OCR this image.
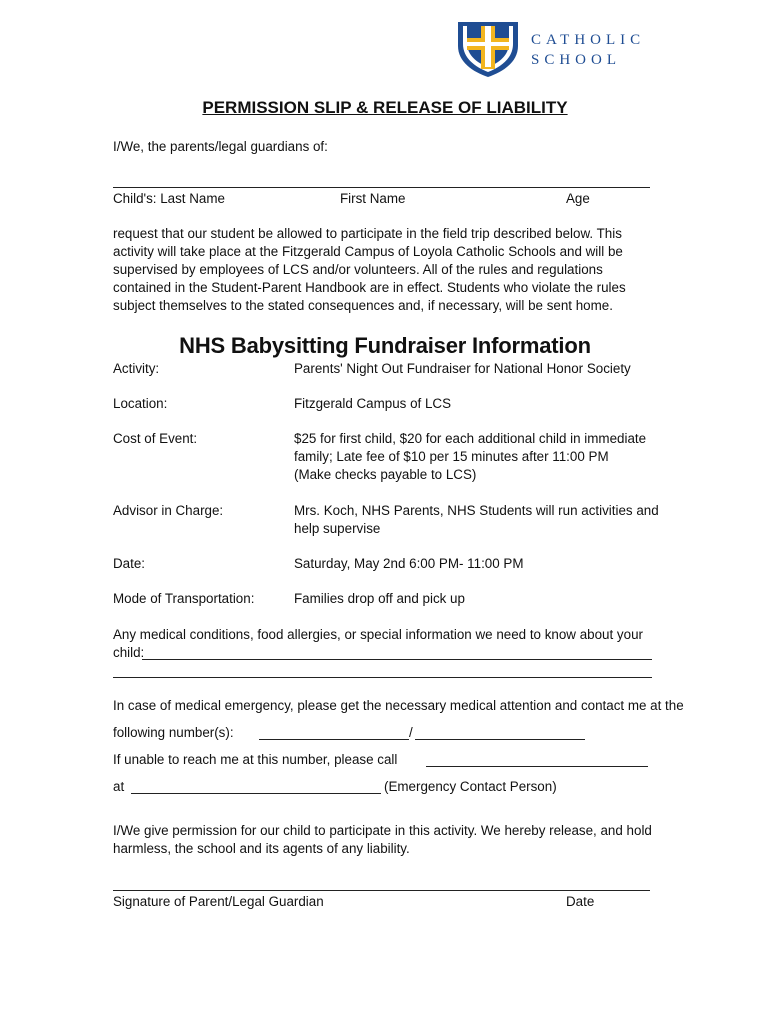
CATHOLIC
SCHOOL
PERMISSION SLIP & RELEASE OF LIABILITY
I/We, the parents/legal guardians of:
Child's: Last Name	First Name	Age
request that our student be allowed to participate in the field trip described below. This activity will take place at the Fitzgerald Campus of Loyola Catholic Schools and will be supervised by employees of LCS and/or volunteers. All of the rules and regulations contained in the Student-Parent Handbook are in effect. Students who violate the rules subject themselves to the stated consequences and, if necessary, will be sent home.
NHS Babysitting Fundraiser Information
Activity:	Parents' Night Out Fundraiser for National Honor Society
Location:	Fitzgerald Campus of LCS
Cost of Event:	$25 for first child, $20 for each additional child in immediate
family; Late fee of $10 per 15 minutes after 11:00 PM
(Make checks payable to LCS)
Advisor in Charge:	Mrs. Koch, NHS Parents, NHS Students will run activities and
help supervise
Date:	Saturday, May 2nd 6:00 PM- 11:00 PM
Mode of Transportation:	Families drop off and pick up
Any medical conditions, food allergies, or special information we need to know about your
child:
In case of medical emergency, please get the necessary medical attention and contact me at the
following number(s):	/
If unable to reach me at this number, please call
at	(Emergency Contact Person)
I/We give permission for our child to participate in this activity. We hereby release, and hold
harmless, the school and its agents of any liability.
Signature of Parent/Legal Guardian	Date
